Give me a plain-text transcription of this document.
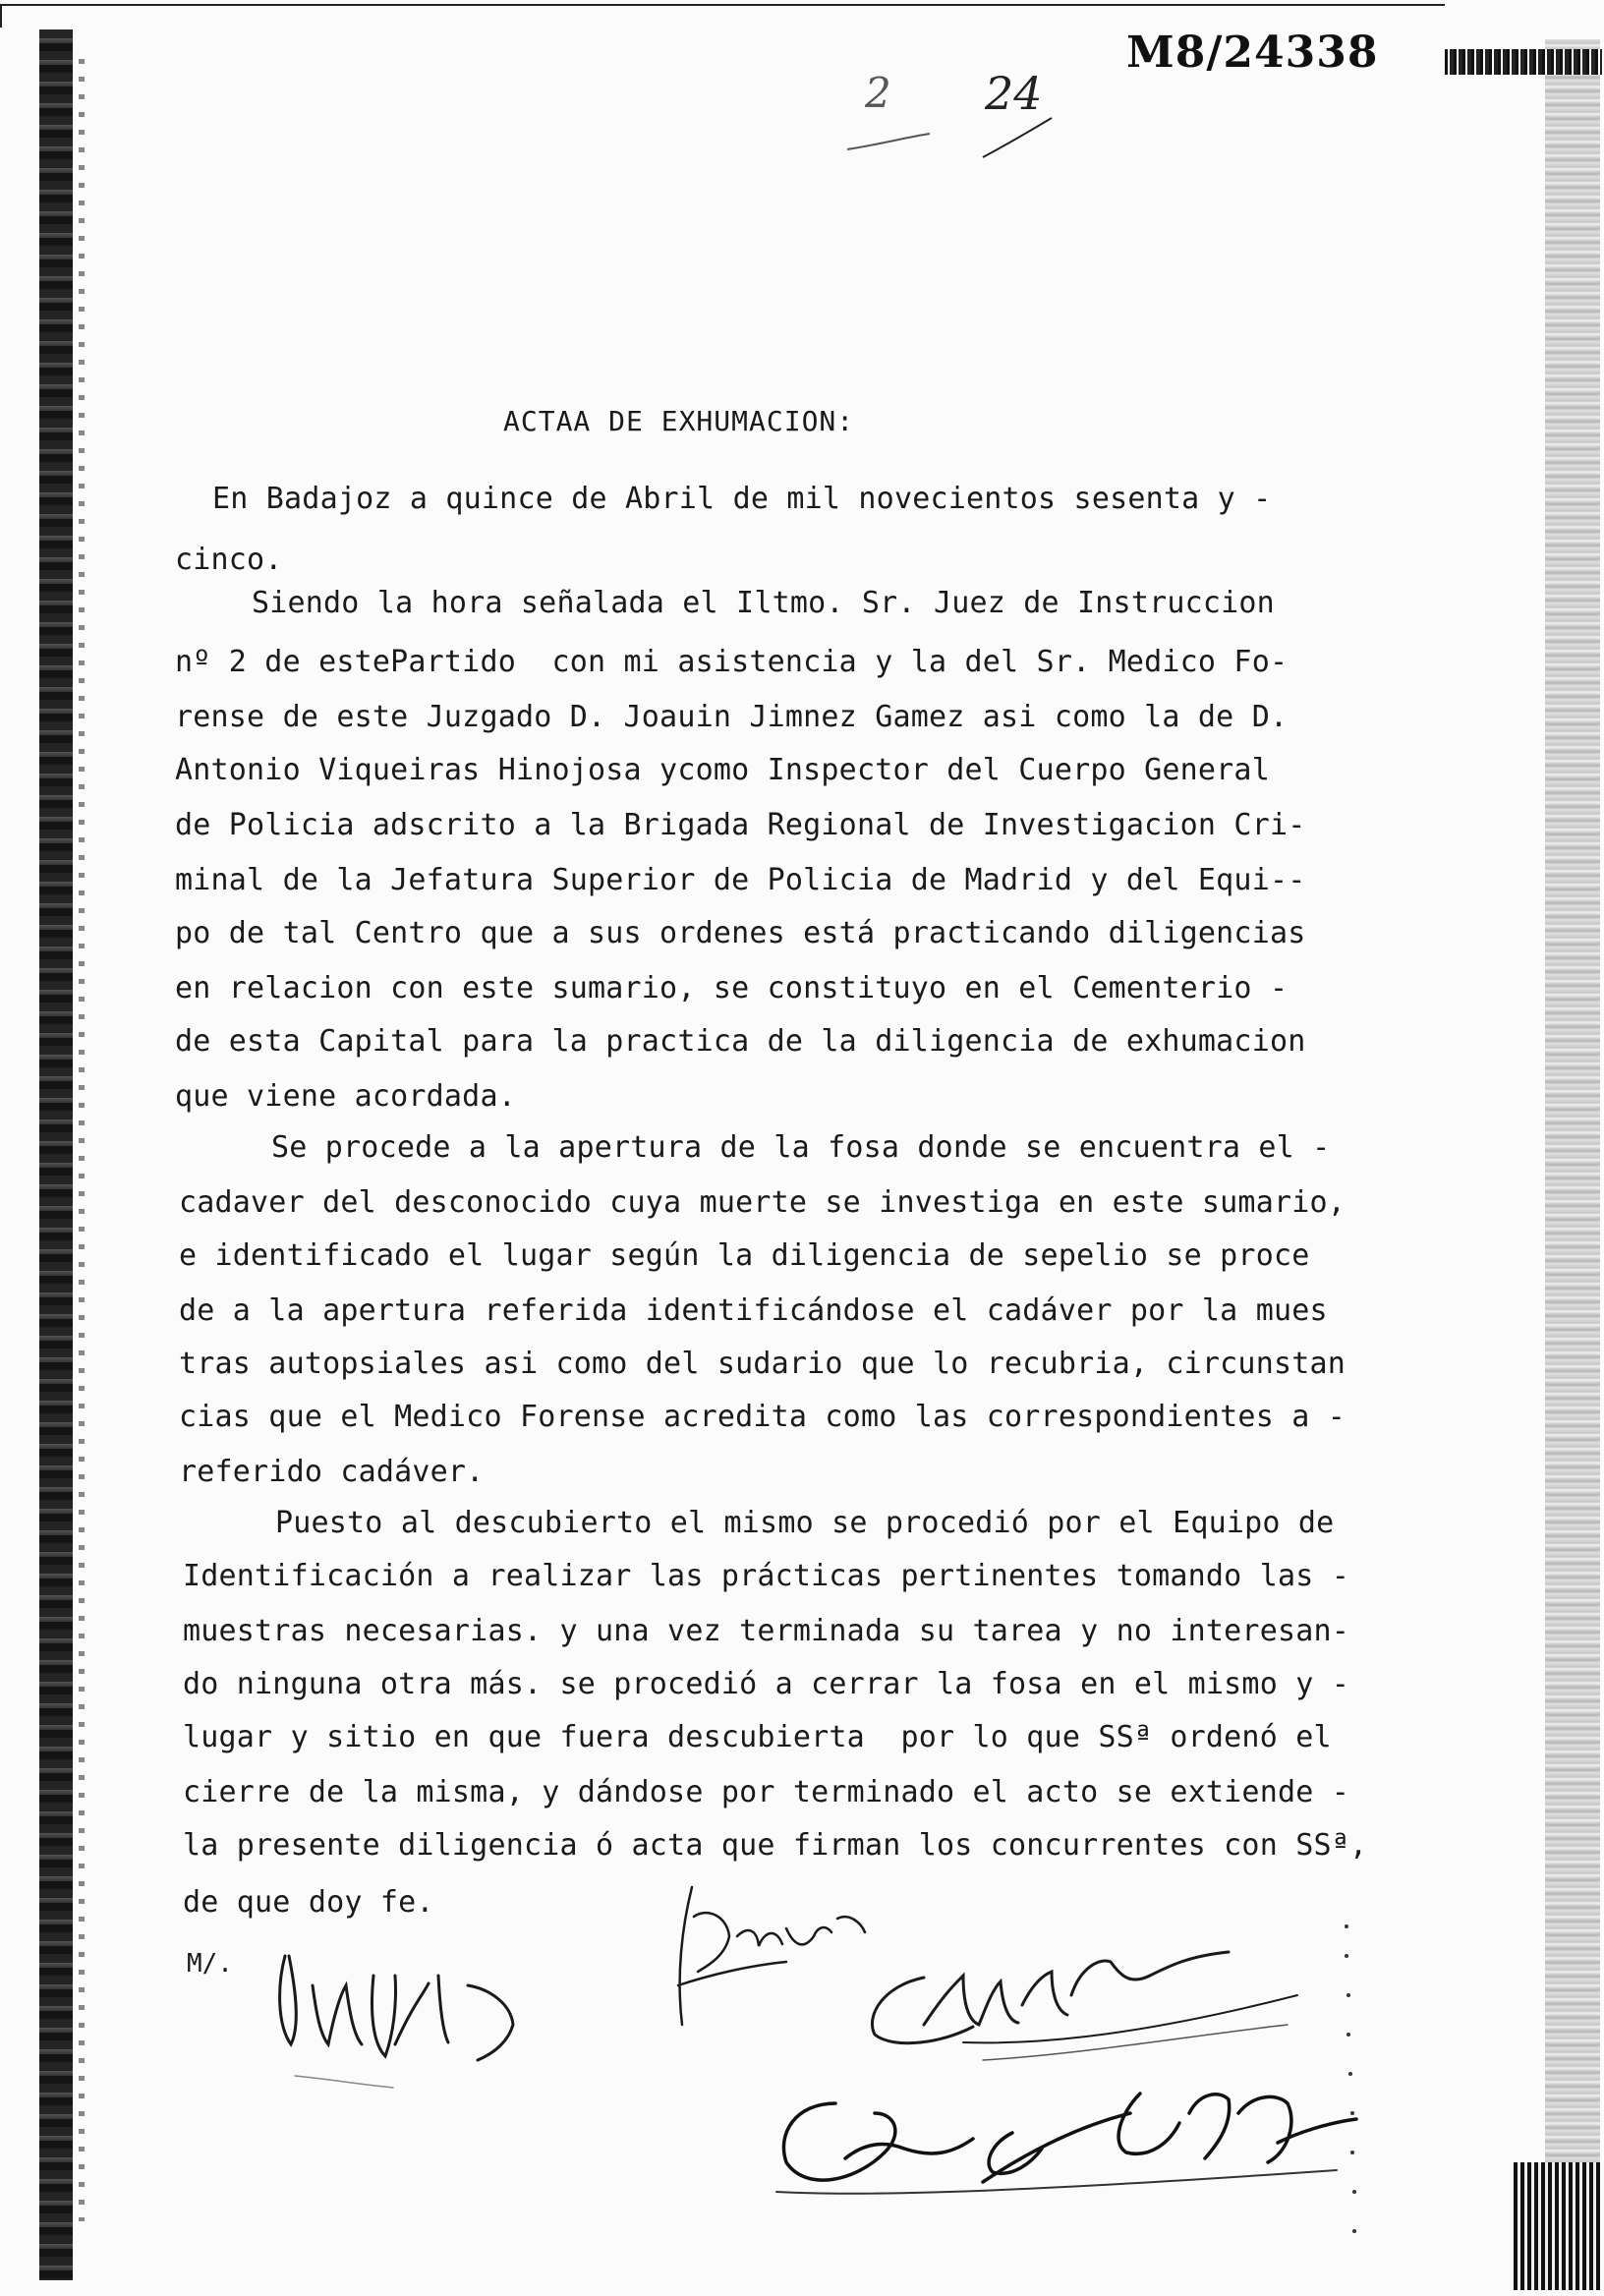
M8/24338
2 24
ACTAA DE EXHUMACION:
En Badajoz a quince de Abril de mil novecientos sesenta y -
cinco.
Siendo la hora señalada el Iltmo. Sr. Juez de Instruccion
nº 2 de estePartido  con mi asistencia y la del Sr. Medico Fo-
rense de este Juzgado D. Joauin Jimnez Gamez asi como la de D.
Antonio Viqueiras Hinojosa ycomo Inspector del Cuerpo General
de Policia adscrito a la Brigada Regional de Investigacion Cri-
minal de la Jefatura Superior de Policia de Madrid y del Equi--
po de tal Centro que a sus ordenes está practicando diligencias
en relacion con este sumario, se constituyo en el Cementerio -
de esta Capital para la practica de la diligencia de exhumacion
que viene acordada.
Se procede a la apertura de la fosa donde se encuentra el -
cadaver del desconocido cuya muerte se investiga en este sumario,
e identificado el lugar según la diligencia de sepelio se proce
de a la apertura referida identificándose el cadáver por la mues
tras autopsiales asi como del sudario que lo recubria, circunstan
cias que el Medico Forense acredita como las correspondientes a -
referido cadáver.
Puesto al descubierto el mismo se procedió por el Equipo de
Identificación a realizar las prácticas pertinentes tomando las -
muestras necesarias. y una vez terminada su tarea y no interesan-
do ninguna otra más. se procedió a cerrar la fosa en el mismo y -
lugar y sitio en que fuera descubierta  por lo que SSª ordenó el
cierre de la misma, y dándose por terminado el acto se extiende -
la presente diligencia ó acta que firman los concurrentes con SSª,
de que doy fe.
M/.
